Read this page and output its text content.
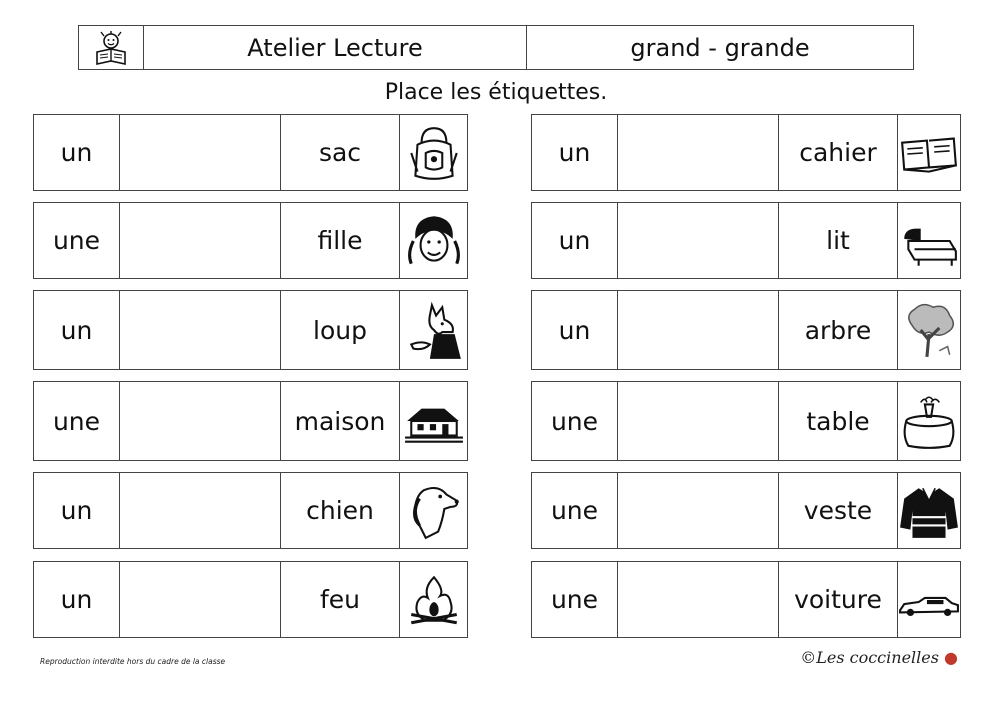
Atelier Lecture	grand - grande
Place les étiquettes.
un	sac
une	fille
un	loup
une	maison
un	chien
un	feu
un	cahier
un	lit
un	arbre
une	table
une	veste
une	voiture
Reproduction interdite hors du cadre de la classe	©Les coccinelles ●
